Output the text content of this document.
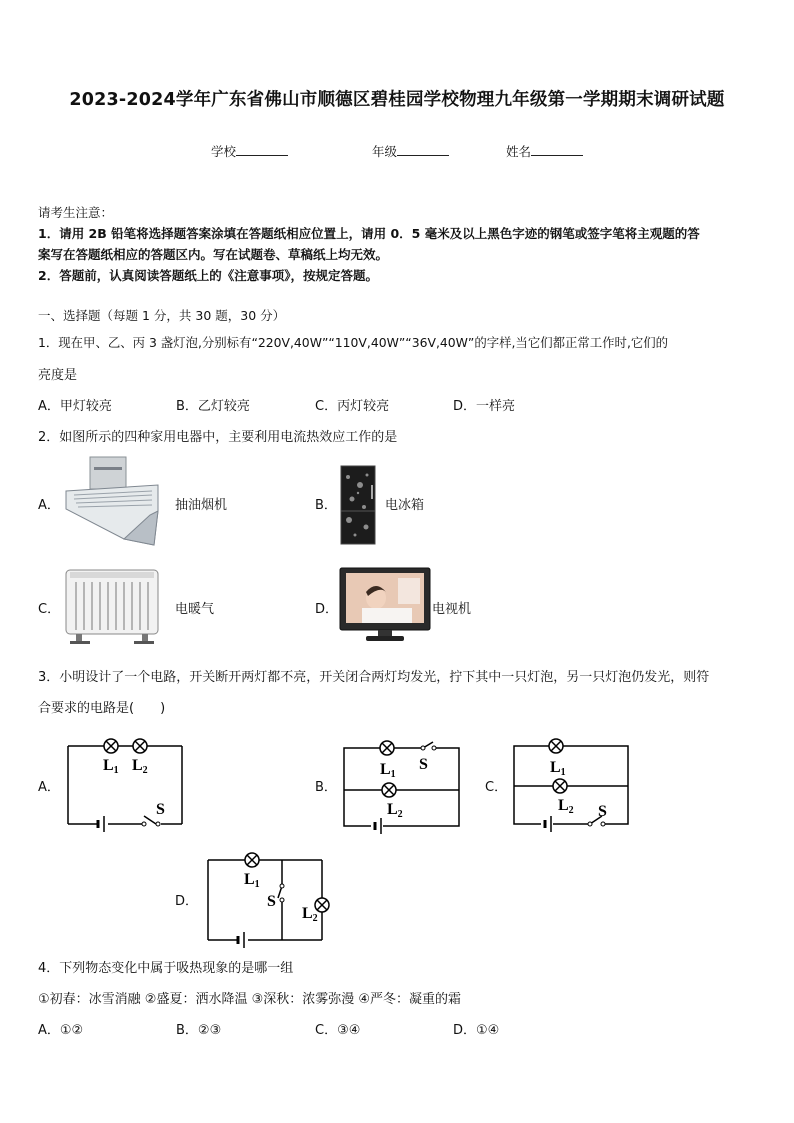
2023-2024学年广东省佛山市顺德区碧桂园学校物理九年级第一学期期末调研试题
学校	年级	姓名
请考生注意：
1．请用 2B 铅笔将选择题答案涂填在答题纸相应位置上，请用 0．5 毫米及以上黑色字迹的钢笔或签字笔将主观题的答
案写在答题纸相应的答题区内。写在试题卷、草稿纸上均无效。
2．答题前，认真阅读答题纸上的《注意事项》，按规定答题。
一、选择题（每题 1 分，共 30 题，30 分）
1．现在甲、乙、丙 3 盏灯泡,分别标有“220V,40W”“110V,40W”“36V,40W”的字样,当它们都正常工作时,它们的
亮度是
A．甲灯较亮	B．乙灯较亮	C．丙灯较亮	D．一样亮
2．如图所示的四种家用电器中，主要利用电流热效应工作的是
A．	抽油烟机	B．	电冰箱
C．	电暖气	D．	电视机
3．小明设计了一个电路，开关断开两灯都不亮，开关闭合两灯均发光，拧下其中一只灯泡，另一只灯泡仍发光，则符
合要求的电路是(　　)
A．
L1 L2
S
B．
L1
S
L2
C．
L1
L2 S
D．
L1
S
L2
4．下列物态变化中属于吸热现象的是哪一组
①初春：冰雪消融 ②盛夏：洒水降温 ③深秋：浓雾弥漫 ④严冬：凝重的霜
A．①②	B．②③	C．③④	D．①④
